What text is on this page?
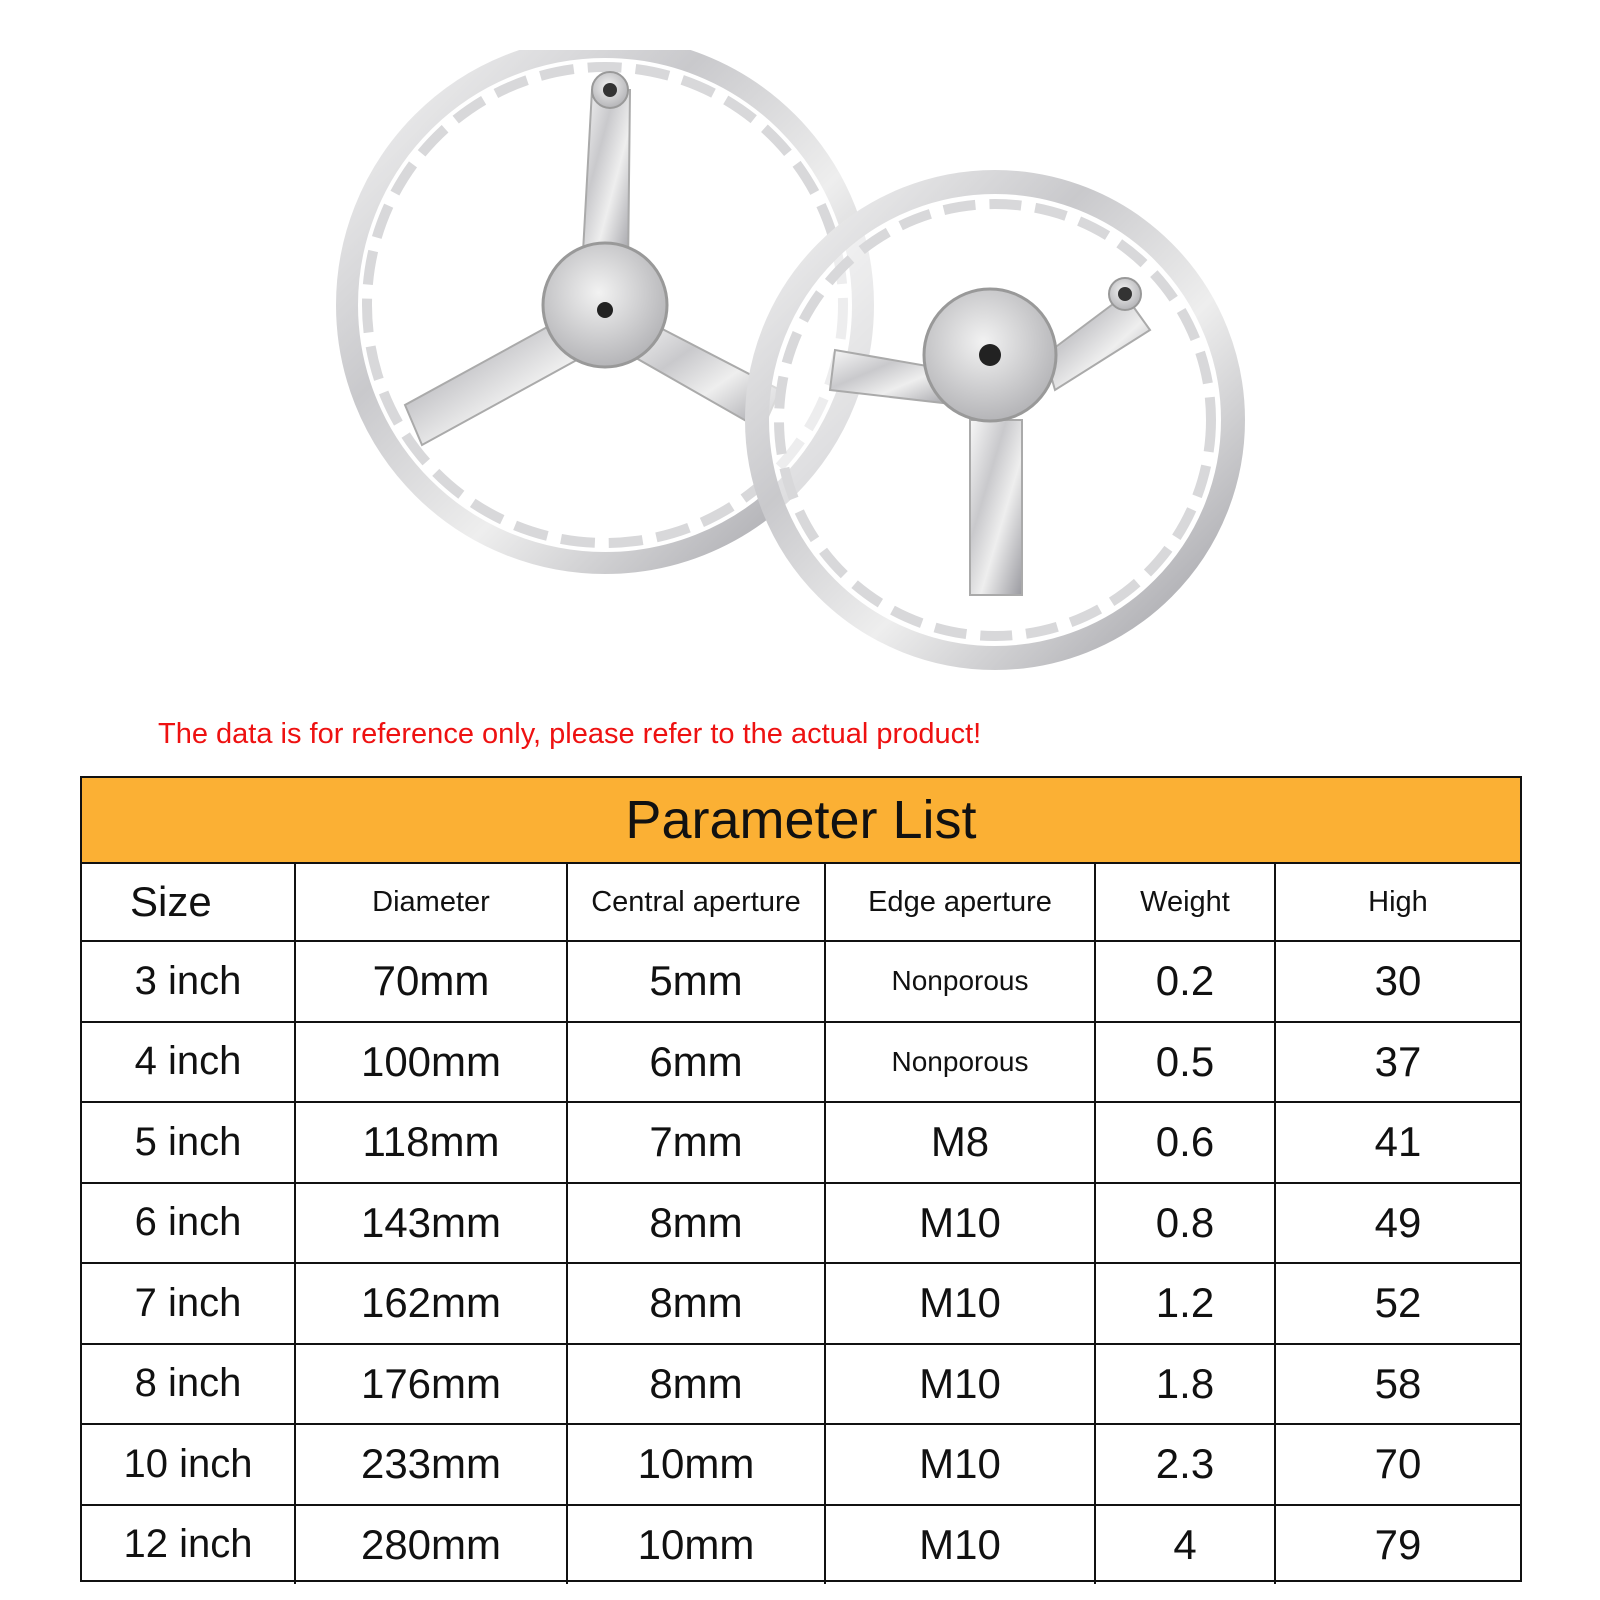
The data is for reference only, please refer to the actual product!
Parameter List
Size	Diameter	Central aperture	Edge aperture	Weight	High
3 inch	70mm	5mm	Nonporous	0.2	30
4 inch	100mm	6mm	Nonporous	0.5	37
5 inch	118mm	7mm	M8	0.6	41
6 inch	143mm	8mm	M10	0.8	49
7 inch	162mm	8mm	M10	1.2	52
8 inch	176mm	8mm	M10	1.8	58
10 inch	233mm	10mm	M10	2.3	70
12 inch	280mm	10mm	M10	4	79
